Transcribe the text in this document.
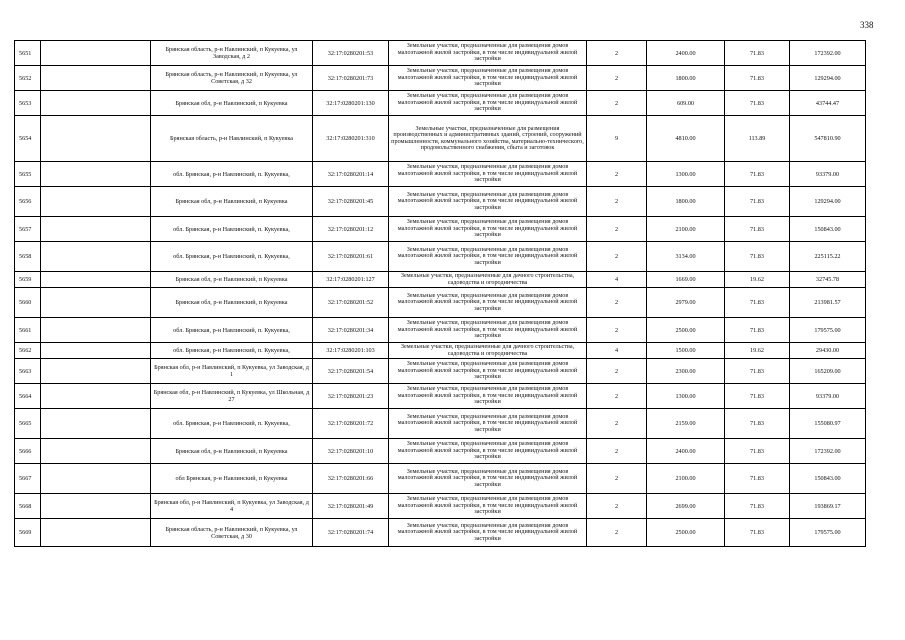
338
5651		Брянская область, р-н Навлинский, п Кукуевка, ул Заводская, д 2	32:17:0280201:53	Земельные участки, предназначенные для размещения домов малоэтажной жилой застройки, в том числе индивидуальной жилой застройки	2	2400.00	71.83	172392.00
5652		Брянская область, р-н Навлинский, п Кукуевка, ул Советская, д 32	32:17:0280201:73	Земельные участки, предназначенные для размещения домов малоэтажной жилой застройки, в том числе индивидуальной жилой застройки	2	1800.00	71.83	129294.00
5653		Брянская обл, р-н Навлинский, п Кукуевка	32:17:0280201:130	Земельные участки, предназначенные для размещения домов малоэтажной жилой застройки, в том числе индивидуальной жилой застройки	2	609.00	71.83	43744.47
5654		Брянская область, р-н Навлинский, п Кукуевка	32:17:0280201:310	Земельные участки, предназначенные для размещения производственных и административных зданий, строений, сооружений промышленности, коммунального хозяйства, материально-технического, продовольственного снабжения, сбыта и заготовок	9	4810.00	113.89	547810.90
5655		обл. Брянская, р-н Навлинский, п. Кукуевка,	32:17:0280201:14	Земельные участки, предназначенные для размещения домов малоэтажной жилой застройки, в том числе индивидуальной жилой застройки	2	1300.00	71.83	93379.00
5656		Брянская обл, р-н Навлинский, п Кукуевка	32:17:0280201:45	Земельные участки, предназначенные для размещения домов малоэтажной жилой застройки, в том числе индивидуальной жилой застройки	2	1800.00	71.83	129294.00
5657		обл. Брянская, р-н Навлинский, п. Кукуевка,	32:17:0280201:12	Земельные участки, предназначенные для размещения домов малоэтажной жилой застройки, в том числе индивидуальной жилой застройки	2	2100.00	71.83	150843.00
5658		обл. Брянская, р-н Навлинский, п. Кукуевка,	32:17:0280201:61	Земельные участки, предназначенные для размещения домов малоэтажной жилой застройки, в том числе индивидуальной жилой застройки	2	3134.00	71.83	225115.22
5659		Брянская обл, р-н Навлинский, п Кукуевка	32:17:0280201:127	Земельные участки, предназначенные для дачного строительства, садоводства и огородничества	4	1669.00	19.62	32745.78
5660		Брянская обл, р-н Навлинский, п Кукуевка	32:17:0280201:52	Земельные участки, предназначенные для размещения домов малоэтажной жилой застройки, в том числе индивидуальной жилой застройки	2	2979.00	71.83	213981.57
5661		обл. Брянская, р-н Навлинский, п. Кукуевка,	32:17:0280201:34	Земельные участки, предназначенные для размещения домов малоэтажной жилой застройки, в том числе индивидуальной жилой застройки	2	2500.00	71.83	179575.00
5662		обл. Брянская, р-н Навлинский, п. Кукуевка,	32:17:0280201:103	Земельные участки, предназначенные для дачного строительства, садоводства и огородничества	4	1500.00	19.62	29430.00
5663		Брянская обл, р-н Навлинский, п Кукуевка, ул Заводская, д 1	32:17:0280201:54	Земельные участки, предназначенные для размещения домов малоэтажной жилой застройки, в том числе индивидуальной жилой застройки	2	2300.00	71.83	165209.00
5664		Брянская обл, р-н Навлинский, п Кукуевка, ул Школьная, д 27	32:17:0280201:23	Земельные участки, предназначенные для размещения домов малоэтажной жилой застройки, в том числе индивидуальной жилой застройки	2	1300.00	71.83	93379.00
5665		обл. Брянская, р-н Навлинский, п. Кукуевка,	32:17:0280201:72	Земельные участки, предназначенные для размещения домов малоэтажной жилой застройки, в том числе индивидуальной жилой застройки	2	2159.00	71.83	155080.97
5666		Брянская обл, р-н Навлинский, п Кукуевка	32:17:0280201:10	Земельные участки, предназначенные для размещения домов малоэтажной жилой застройки, в том числе индивидуальной жилой застройки	2	2400.00	71.83	172392.00
5667		обл Брянская, р-н Навлинский, п Кукуевка	32:17:0280201:66	Земельные участки, предназначенные для размещения домов малоэтажной жилой застройки, в том числе индивидуальной жилой застройки	2	2100.00	71.83	150843.00
5668		Брянская обл, р-н Навлинский, п Кукуевка, ул Заводская, д 4	32:17:0280201:49	Земельные участки, предназначенные для размещения домов малоэтажной жилой застройки, в том числе индивидуальной жилой застройки	2	2699.00	71.83	193869.17
5669		Брянская область, р-н Навлинский, п Кукуевка, ул Советская, д 30	32:17:0280201:74	Земельные участки, предназначенные для размещения домов малоэтажной жилой застройки, в том числе индивидуальной жилой застройки	2	2500.00	71.83	179575.00
